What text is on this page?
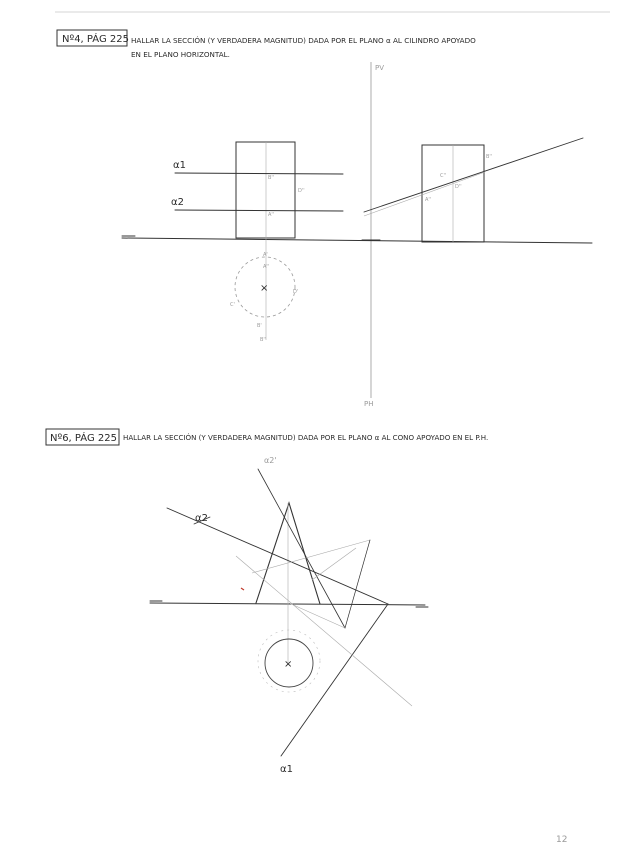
Nº4, PÁG 225 HALLAR LA SECCIÓN (Y VERDADERA MAGNITUD) DADA POR EL PLANO α AL CILINDRO APOYADO
EN EL PLANO HORIZONTAL.
PV
PH
α1
α2
B''
D''
A''
×
A'
A''
D'
C'
B'
B''
C''
D''
A''
B''
Nº6, PÁG 225 HALLAR LA SECCIÓN (Y VERDADERA MAGNITUD) DADA POR EL PLANO α AL CONO APOYADO EN EL P.H.
α2'
α2
α1
×
12
